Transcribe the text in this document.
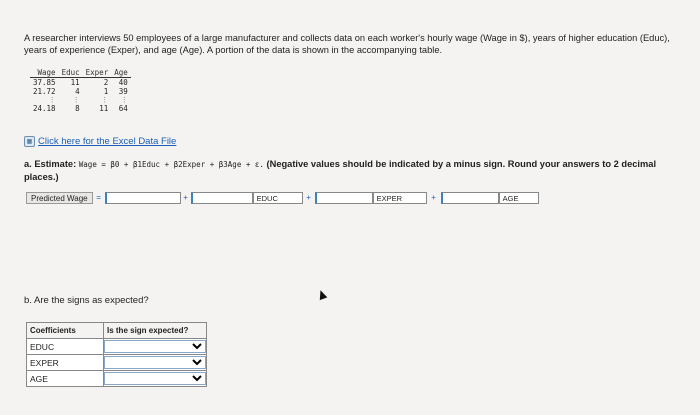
A researcher interviews 50 employees of a large manufacturer and collects data on each worker's hourly wage (Wage in $), years of higher education (Educ), years of experience (Exper), and age (Age). A portion of the data is shown in the accompanying table.
Wage	Educ	Exper	Age
37.85	11	2	40
21.72	4	1	39
⋮	⋮	⋮	⋮
24.18	8	11	64
▦ Click here for the Excel Data File
a. Estimate: Wage = β0 + β1Educ + β2Exper + β3Age + ε. (Negative values should be indicated by a minus sign. Round your answers to 2 decimal places.)
Predicted Wage	=	+	EDUC	+	EXPER	+	AGE
b. Are the signs as expected?
Coefficients	Is the sign expected?
EDUC	

EXPER	

AGE	
